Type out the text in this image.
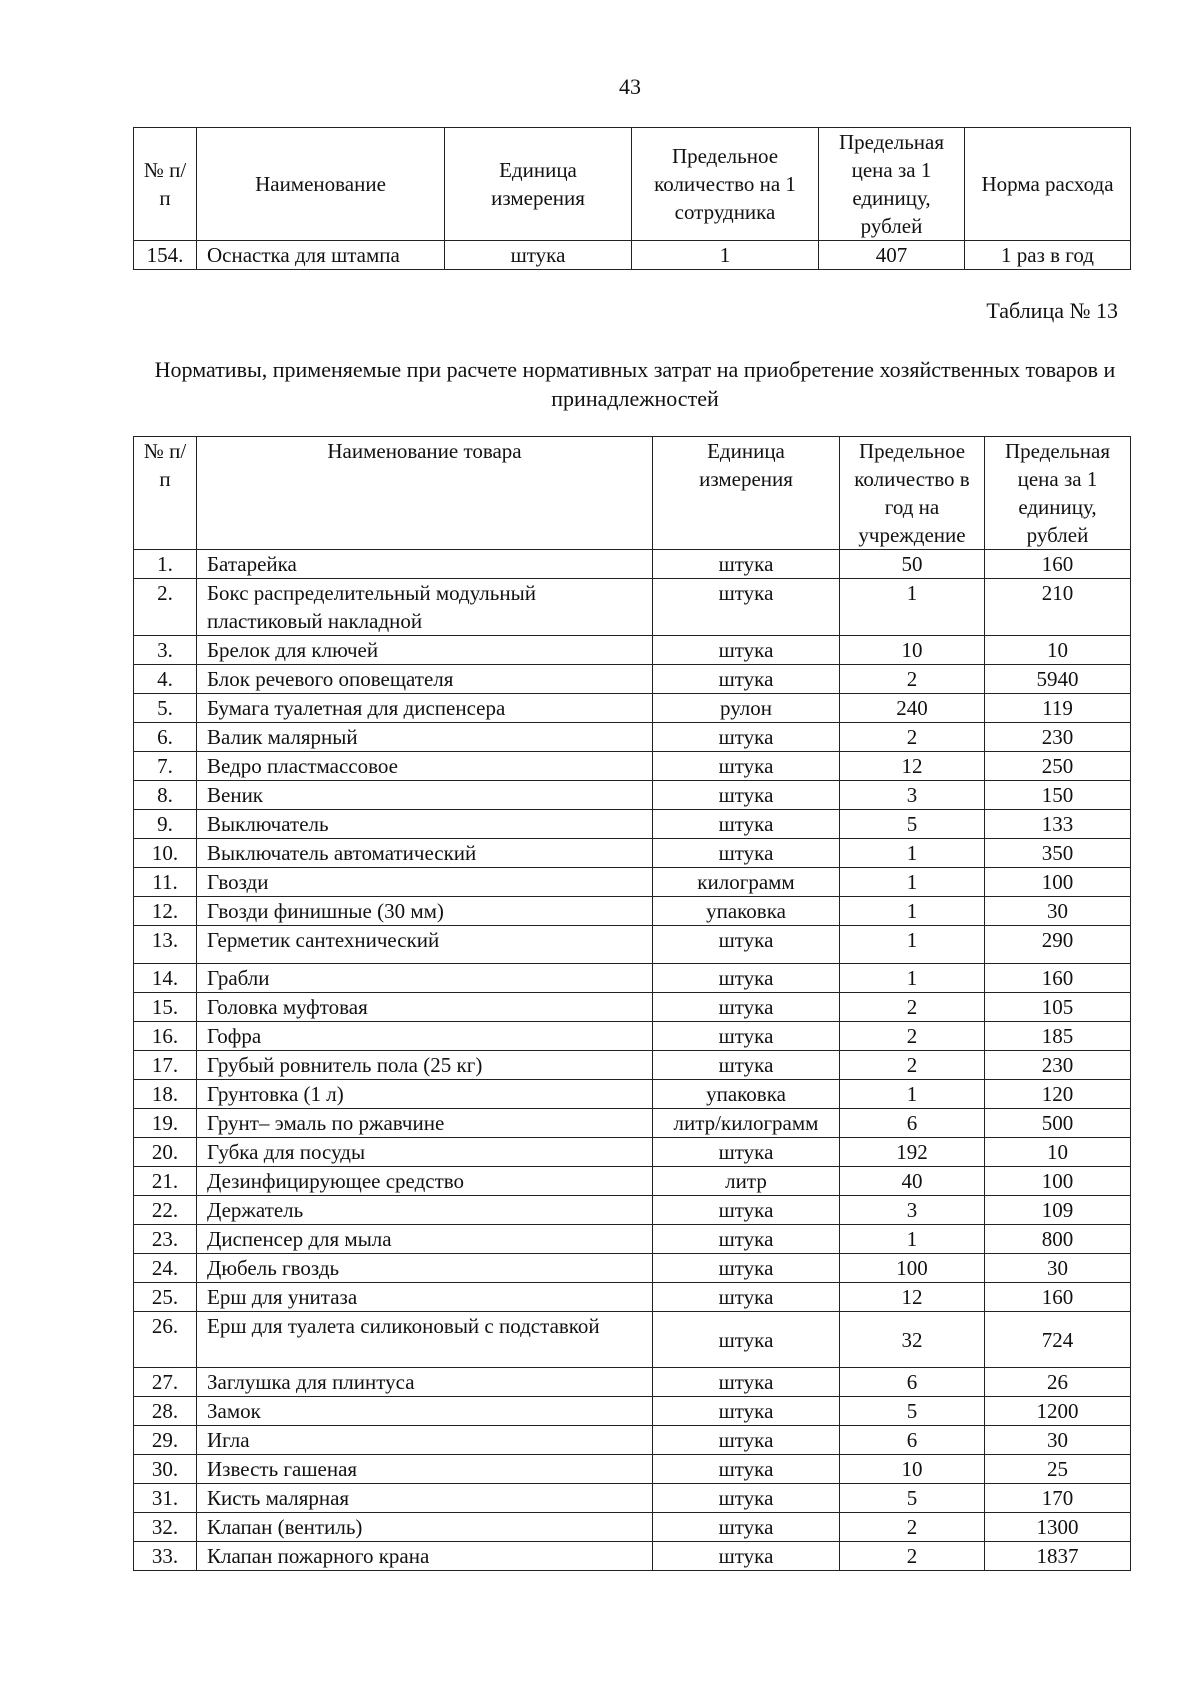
43
№ п/п	Наименование	Единица измерения	Предельное количество на 1 сотрудника	Предельная цена за 1 единицу, рублей	Норма расхода
154.	Оснастка для штампа	штука	1	407	1 раз в год
Таблица № 13
Нормативы, применяемые при расчете нормативных затрат на приобретение хозяйственных товаров и принадлежностей
№ п/п	Наименование товара	Единица измерения	Предельное количество в год на учреждение	Предельная цена за 1 единицу, рублей
1.	Батарейка	штука	50	160
2.	Бокс распределительный модульный пластиковый накладной	штука	1	210
3.	Брелок для ключей	штука	10	10
4.	Блок речевого оповещателя	штука	2	5940
5.	Бумага туалетная для диспенсера	рулон	240	119
6.	Валик малярный	штука	2	230
7.	Ведро пластмассовое	штука	12	250
8.	Веник	штука	3	150
9.	Выключатель	штука	5	133
10.	Выключатель автоматический	штука	1	350
11.	Гвозди	килограмм	1	100
12.	Гвозди финишные (30 мм)	упаковка	1	30
13.	Герметик сантехнический	штука	1	290
14.	Грабли	штука	1	160
15.	Головка муфтовая	штука	2	105
16.	Гофра	штука	2	185
17.	Грубый ровнитель пола (25 кг)	штука	2	230
18.	Грунтовка (1 л)	упаковка	1	120
19.	Грунт– эмаль по ржавчине	литр/килограмм	6	500
20.	Губка для посуды	штука	192	10
21.	Дезинфицирующее средство	литр	40	100
22.	Держатель	штука	3	109
23.	Диспенсер для мыла	штука	1	800
24.	Дюбель гвоздь	штука	100	30
25.	Ерш для унитаза	штука	12	160
26.	Ерш для туалета силиконовый с подставкой	штука	32	724
27.	Заглушка для плинтуса	штука	6	26
28.	Замок	штука	5	1200
29.	Игла	штука	6	30
30.	Известь гашеная	штука	10	25
31.	Кисть малярная	штука	5	170
32.	Клапан (вентиль)	штука	2	1300
33.	Клапан пожарного крана	штука	2	1837
